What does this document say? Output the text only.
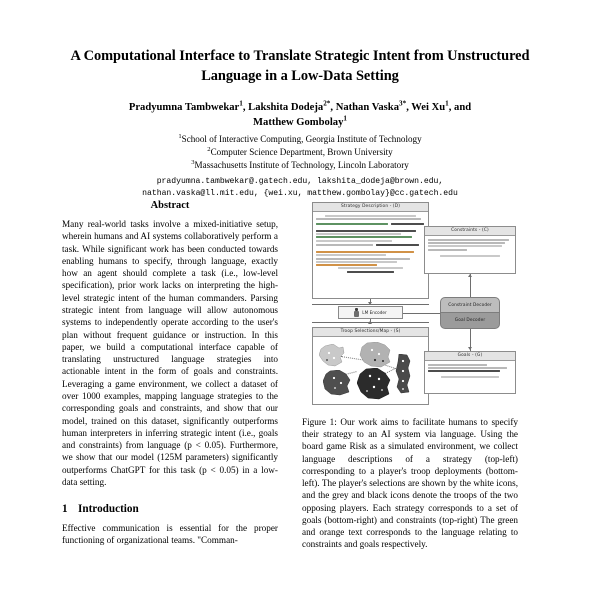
A Computational Interface to Translate Strategic Intent from Unstructured Language in a Low-Data Setting
Pradyumna Tambwekar$^1$, Lakshita Dodeja$^{2*}$, Nathan Vaska$^{3*}$, Wei Xu$^1$, and
Matthew Gombolay$^1$
$^1$School of Interactive Computing, Georgia Institute of Technology
$^2$Computer Science Department, Brown University
$^3$Massachusetts Institute of Technology, Lincoln Laboratory
pradyumna.tambwekar@.gatech.edu, lakshita_dodeja@brown.edu,
nathan.vaska@ll.mit.edu, {wei.xu, matthew.gombolay}@cc.gatech.edu
Abstract

Many real-world tasks involve a mixed-initiative setup, wherein humans and AI systems collaboratively perform a task. While significant work has been conducted towards enabling humans to specify, through language, exactly how an agent should complete a task (i.e., low-level specification), prior work lacks on interpreting the high-level strategic intent of the human commanders. Parsing strategic intent from language will allow autonomous systems to independently operate according to the user's plan without frequent guidance or instruction. In this paper, we build a computational interface capable of translating unstructured language strategies into actionable intent in the form of goals and constraints. Leveraging a game environment, we collect a dataset of over 1000 examples, mapping language strategies to the corresponding goals and constraints, and show that our model, trained on this dataset, significantly outperforms human interpreters in inferring strategic intent (i.e., goals and constraints) from language (p < 0.05). Furthermore, we show that our model (125M parameters) significantly outperforms ChatGPT for this task (p < 0.05) in a low-data setting.

1 Introduction

Effective communication is essential for the proper functioning of organizational teams. "Comman-

Strategy Description - (D)

Constraints - (C)
Troop Selections/Map - (S)
Goals - (G)
LM Encoder
Constraint Decoder
Goal Decoder
Figure 1: Our work aims to facilitate humans to specify their strategy to an AI system via language. Using the board game Risk as a simulated environment, we collect language descriptions of a strategy (top-left) corresponding to a player's troop deployments (bottom-left). The player's selections are shown by the white icons, and the grey and black icons denote the troops of the two opposing players. Each strategy corresponds to a set of goals (bottom-right) and constraints (top-right) The green and orange text corresponds to the language relating to constraints and goals respectively.
